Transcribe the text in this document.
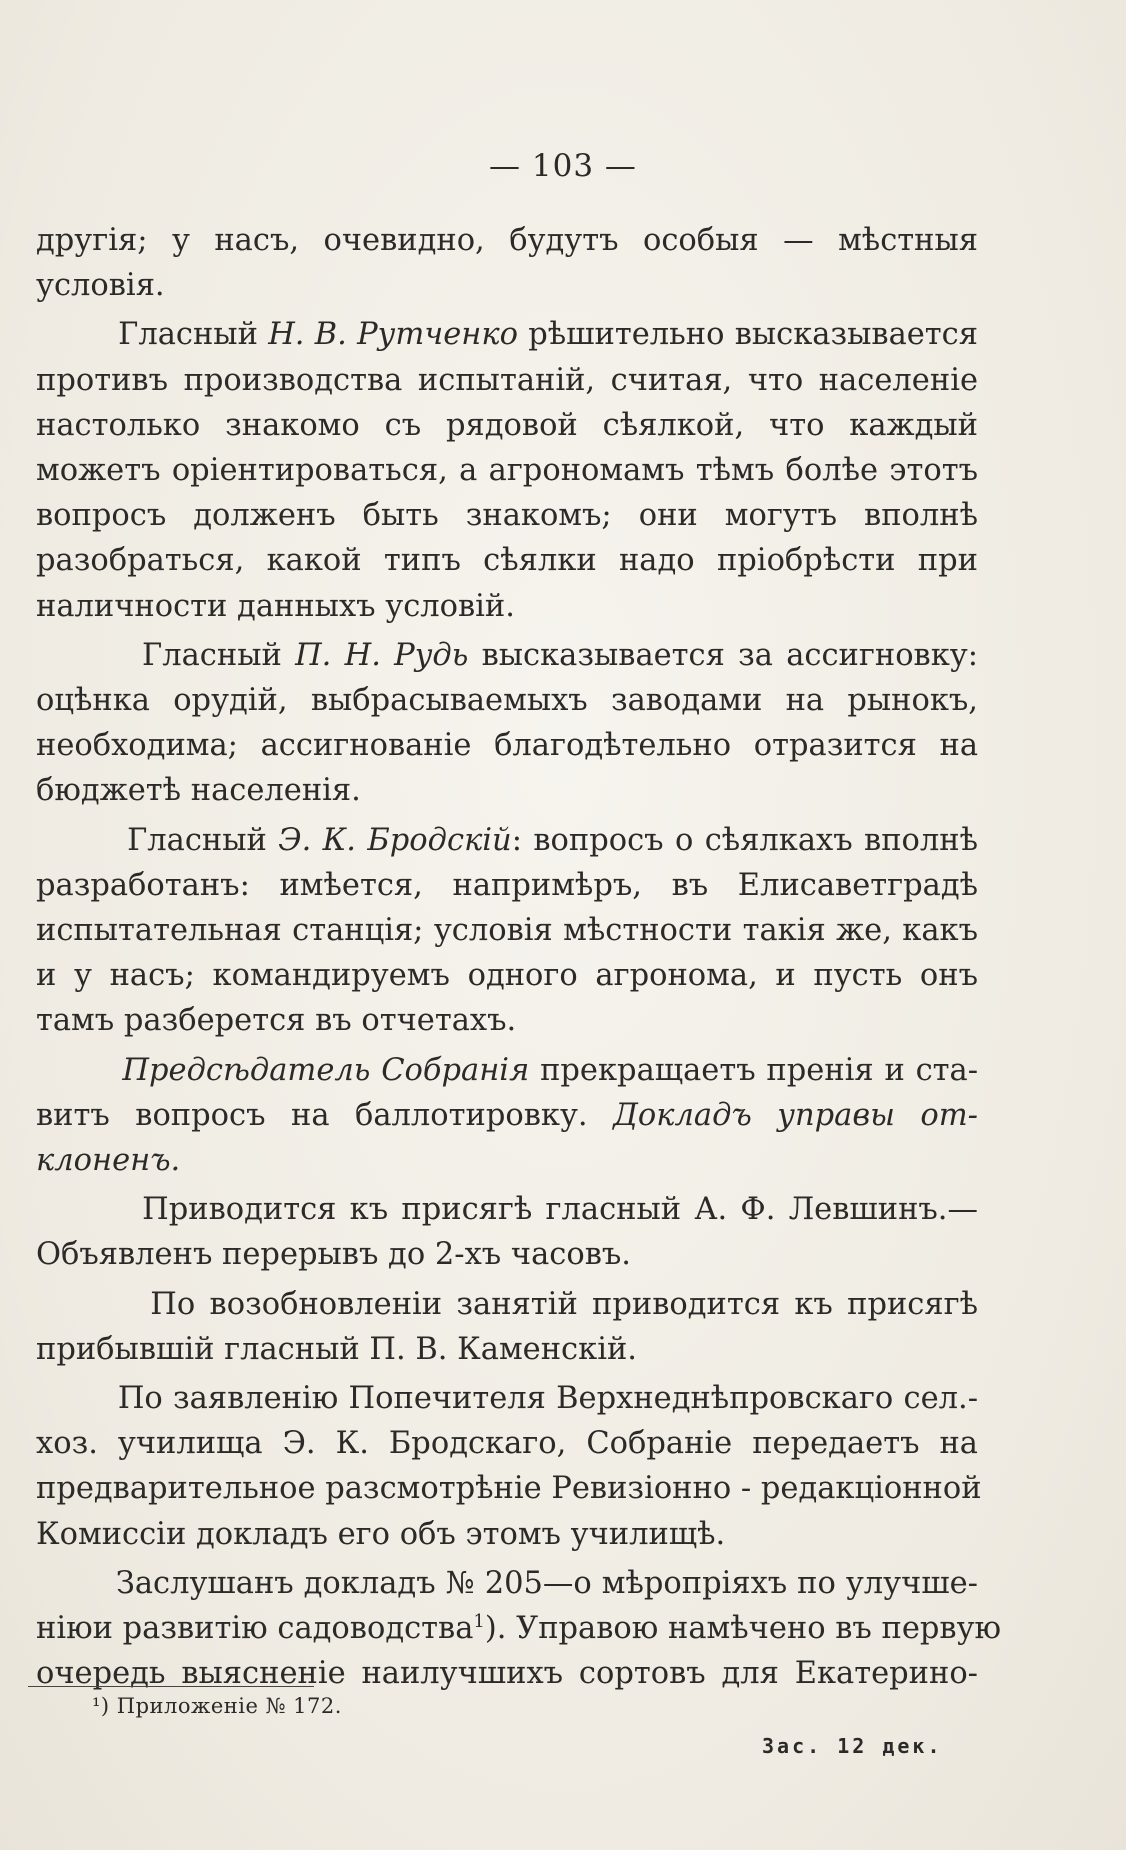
— 103 —
другія; у насъ, очевидно, будутъ особыя — мѣстныя
условія.
Гласный Н. В. Рутченко рѣшительно высказывается
противъ производства испытаній, считая, что населеніе
настолько знакомо съ рядовой сѣялкой, что каждый
можетъ оріентироваться, а агрономамъ тѣмъ болѣе этотъ
вопросъ долженъ быть знакомъ; они могутъ вполнѣ
разобраться, какой типъ сѣялки надо пріобрѣсти при
наличности данныхъ условій.
Гласный П. Н. Рудь высказывается за ассигновку:
оцѣнка орудій, выбрасываемыхъ заводами на рынокъ,
необходима; ассигнованіе благодѣтельно отразится на
бюджетѣ населенія.
Гласный Э. К. Бродскій: вопросъ о сѣялкахъ вполнѣ
разработанъ: имѣется, напримѣръ, въ Елисаветградѣ
испытательная станція; условія мѣстности такія же, какъ
и у насъ; командируемъ одного агронома, и пусть онъ
тамъ разберется въ отчетахъ.
Предсѣдатель Собранія прекращаетъ пренія и ста-
витъ вопросъ на баллотировку. Докладъ управы от-
клоненъ.
Приводится къ присягѣ гласный А. Ф. Левшинъ.—
Объявленъ перерывъ до 2-хъ часовъ.
По возобновленіи занятій приводится къ присягѣ
прибывшій гласный П. В. Каменскій.
По заявленію Попечителя Верхнеднѣпровскаго сел.-
хоз. училища Э. К. Бродскаго, Собраніе передаетъ на
предварительное разсмотрѣніе Ревизіонно - редакціонной
Комиссіи докладъ его объ этомъ училищѣ.
Заслушанъ докладъ № 205—о мѣропріяхъ по улучше-
ніюи развитію садоводства$^1$). Управою намѣчено въ первую
очередь выясненіе наилучшихъ сортовъ для Екатерино-
¹) Приложеніе № 172.
Зас. 12 дек.
